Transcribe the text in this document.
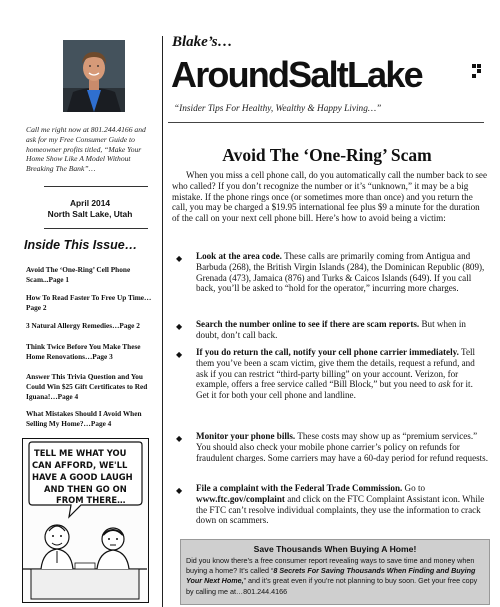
Call me right now at 801.244.4166 and ask for my Free Consumer Guide to homeowner profits titled, “Make Your Home Show Like A Model Without Breaking The Bank”…
April 2014
North Salt Lake, Utah
Inside This Issue…
Avoid The ‘One-Ring’ Cell Phone Scam...Page 1
How To Read Faster To Free Up Time…Page 2
3 Natural Allergy Remedies…Page 2
Think Twice Before You Make These Home Renovations…Page 3
Answer This Trivia Question and You Could Win $25 Gift Certificates to Red Iguana!…Page 4
What Mistakes Should I Avoid When Selling My Home?…Page 4
TELL ME WHAT YOU
CAN AFFORD, WE'LL
HAVE A GOOD LAUGH
AND THEN GO ON
FROM THERE…
Blake’s…
AroundSaltLake
“Insider Tips For Healthy, Wealthy & Happy Living…”
Avoid The ‘One-Ring’ Scam
When you miss a cell phone call, do you automatically call the number back to see who called? If you don’t recognize the number or it’s “unknown,” it may be a big mistake. If the phone rings once (or sometimes more than once) and you return the call, you may be charged a $19.95 international fee plus $9 a minute for the duration of the call on your next cell phone bill. Here’s how to avoid being a victim:
◆ Look at the area code. These calls are primarily coming from Antigua and Barbuda (268), the British Virgin Islands (284), the Dominican Republic (809), Grenada (473), Jamaica (876) and Turks & Caicos Islands (649). If you call back, you’ll be asked to “hold for the operator,” incurring more charges.
◆ Search the number online to see if there are scam reports. But when in doubt, don’t call back.
◆ If you do return the call, notify your cell phone carrier immediately. Tell them you’ve been a scam victim, give them the details, request a refund, and ask if you can restrict “third-party billing” on your account. Verizon, for example, offers a free service called “Bill Block,” but you need to ask for it. Get it for both your cell phone and landline.
◆ Monitor your phone bills. These costs may show up as “premium services.” You should also check your mobile phone carrier’s policy on refunds for fraudulent charges. Some carriers may have a 60-day period for refund requests.
◆ File a complaint with the Federal Trade Commission. Go to www.ftc.gov/complaint and click on the FTC Complaint Assistant icon. While the FTC can’t resolve individual complaints, they use the information to crack down on scammers.
Save Thousands When Buying A Home!
Did you know there’s a free consumer report revealing ways to save time and money when buying a home? It’s called “8 Secrets For Saving Thousands When Finding and Buying Your Next Home,” and it’s great even if you’re not planning to buy soon. Get your free copy by calling me at…801.244.4166
